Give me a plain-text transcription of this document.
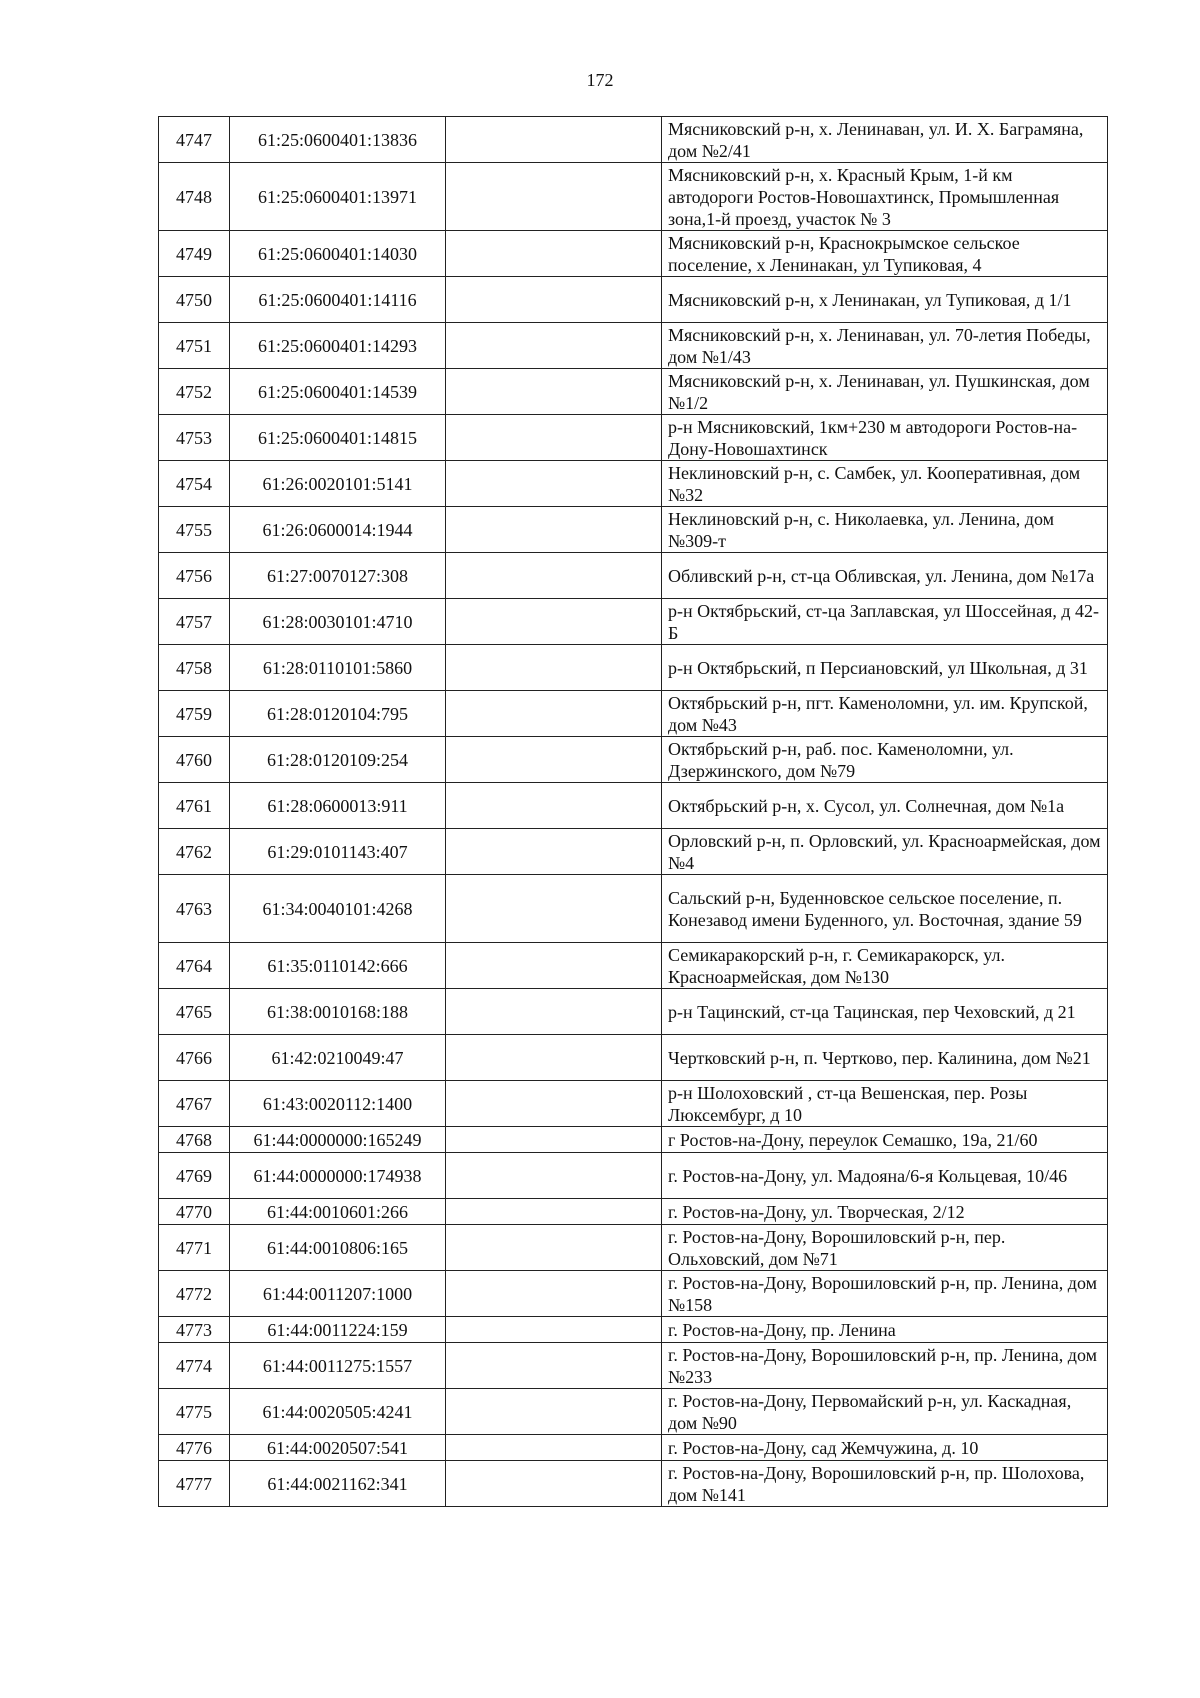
172
4747	61:25:0600401:13836		Мясниковский р-н, х. Ленинаван, ул. И. Х. Баграмяна, дом №2/41
4748	61:25:0600401:13971		Мясниковский р-н, х. Красный Крым, 1-й км автодороги Ростов-Новошахтинск, Промышленная зона,1-й проезд, участок № 3
4749	61:25:0600401:14030		Мясниковский р-н, Краснокрымское сельское поселение, х Ленинакан, ул Тупиковая, 4
4750	61:25:0600401:14116		Мясниковский р-н, х Ленинакан, ул Тупиковая, д 1/1
4751	61:25:0600401:14293		Мясниковский р-н, х. Ленинаван, ул. 70-летия Победы, дом №1/43
4752	61:25:0600401:14539		Мясниковский р-н, х. Ленинаван, ул. Пушкинская, дом №1/2
4753	61:25:0600401:14815		р-н Мясниковский, 1км+230 м автодороги Ростов-на-Дону-Новошахтинск
4754	61:26:0020101:5141		Неклиновский р-н, с. Самбек, ул. Кооперативная, дом №32
4755	61:26:0600014:1944		Неклиновский р-н, с. Николаевка, ул. Ленина, дом №309-т
4756	61:27:0070127:308		Обливский р-н, ст-ца Обливская, ул. Ленина, дом №17а
4757	61:28:0030101:4710		р-н Октябрьский, ст-ца Заплавская, ул Шоссейная, д 42-Б
4758	61:28:0110101:5860		р-н Октябрьский, п Персиановский, ул Школьная, д 31
4759	61:28:0120104:795		Октябрьский р-н, пгт. Каменоломни, ул. им. Крупской, дом №43
4760	61:28:0120109:254		Октябрьский р-н, раб. пос. Каменоломни, ул. Дзержинского, дом №79
4761	61:28:0600013:911		Октябрьский р-н, х. Сусол, ул. Солнечная, дом №1а
4762	61:29:0101143:407		Орловский р-н, п. Орловский, ул. Красноармейская, дом №4
4763	61:34:0040101:4268		Сальский р-н, Буденновское сельское поселение, п. Конезавод имени Буденного, ул. Восточная, здание 59
4764	61:35:0110142:666		Семикаракорский р-н, г. Семикаракорск, ул. Красноармейская, дом №130
4765	61:38:0010168:188		р-н Тацинский, ст-ца Тацинская, пер Чеховский, д 21
4766	61:42:0210049:47		Чертковский р-н, п. Чертково, пер. Калинина, дом №21
4767	61:43:0020112:1400		р-н Шолоховский , ст-ца Вешенская, пер. Розы Люксембург, д 10
4768	61:44:0000000:165249		г Ростов-на-Дону, переулок Семашко, 19а, 21/60
4769	61:44:0000000:174938		г. Ростов-на-Дону, ул. Мадояна/6-я Кольцевая, 10/46
4770	61:44:0010601:266		г. Ростов-на-Дону, ул. Творческая, 2/12
4771	61:44:0010806:165		г. Ростов-на-Дону, Ворошиловский р-н, пер. Ольховский, дом №71
4772	61:44:0011207:1000		г. Ростов-на-Дону, Ворошиловский р-н, пр. Ленина, дом №158
4773	61:44:0011224:159		г. Ростов-на-Дону, пр. Ленина
4774	61:44:0011275:1557		г. Ростов-на-Дону, Ворошиловский р-н, пр. Ленина, дом №233
4775	61:44:0020505:4241		г. Ростов-на-Дону, Первомайский р-н, ул. Каскадная, дом №90
4776	61:44:0020507:541		г. Ростов-на-Дону, сад Жемчужина, д. 10
4777	61:44:0021162:341		г. Ростов-на-Дону, Ворошиловский р-н, пр. Шолохова, дом №141
